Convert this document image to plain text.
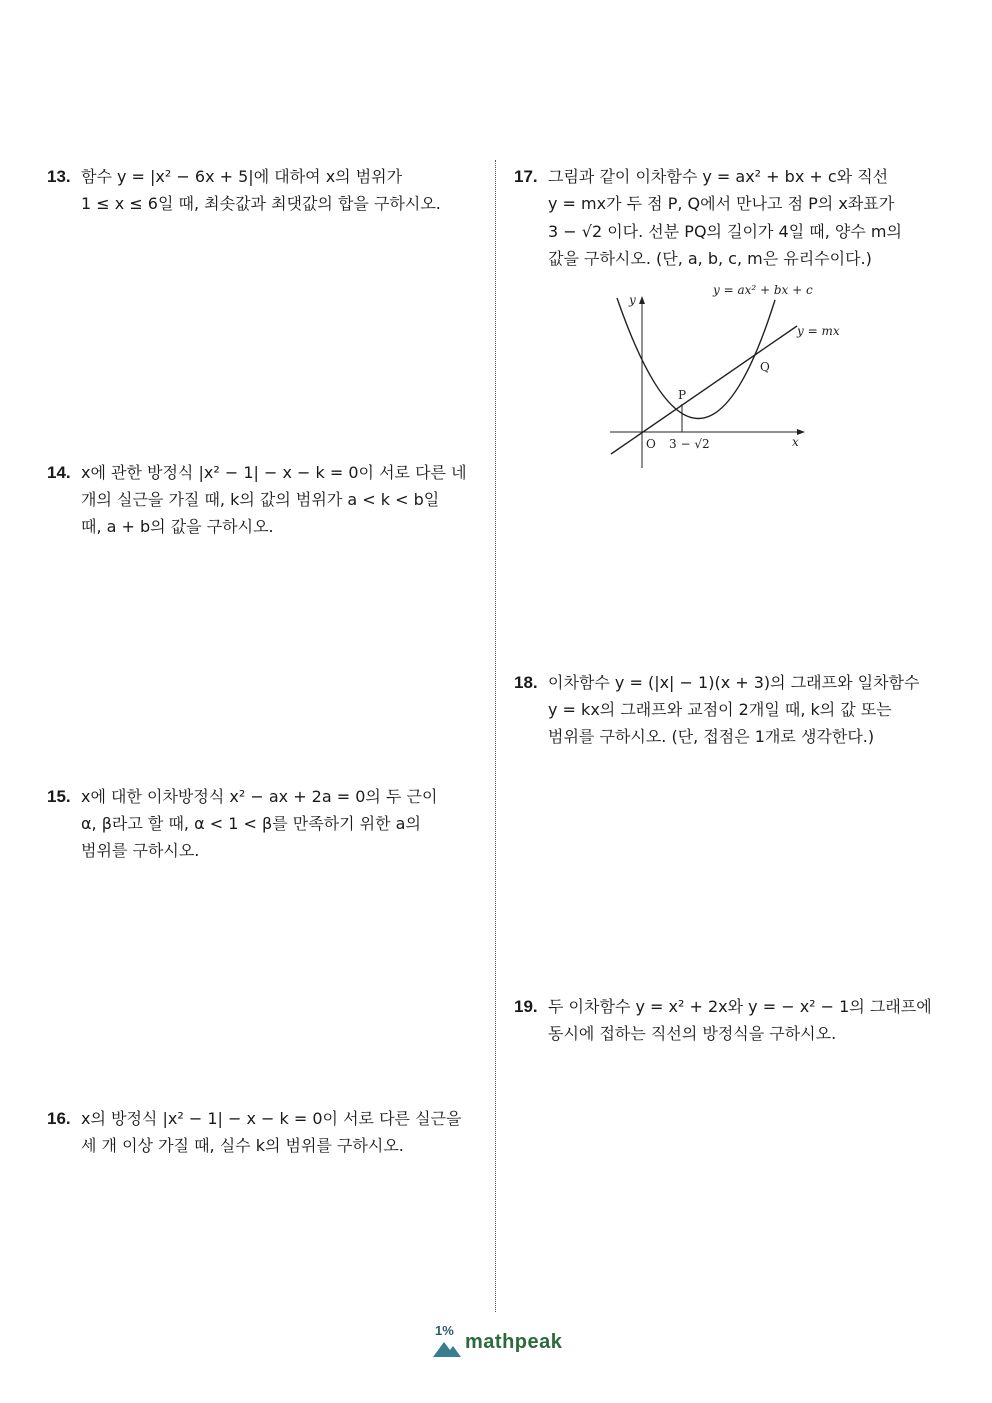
13. 함수 y = |x² − 6x + 5|에 대하여 x의 범위가
1 ≤ x ≤ 6일 때, 최솟값과 최댓값의 합을 구하시오.
14. x에 관한 방정식 |x² − 1| − x − k = 0이 서로 다른 네
개의 실근을 가질 때, k의 값의 범위가 a < k < b일
때, a + b의 값을 구하시오.
15. x에 대한 이차방정식 x² − ax + 2a = 0의 두 근이
α, β라고 할 때, α < 1 < β를 만족하기 위한 a의
범위를 구하시오.
16. x의 방정식 |x² − 1| − x − k = 0이 서로 다른 실근을
세 개 이상 가질 때, 실수 k의 범위를 구하시오.
17. 그림과 같이 이차함수 y = ax² + bx + c와 직선
y = mx가 두 점 P, Q에서 만나고 점 P의 x좌표가
3 − √2 이다. 선분 PQ의 길이가 4일 때, 양수 m의
값을 구하시오. (단, a, b, c, m은 유리수이다.)
y
x
O 3 − √2
P
Q
y = ax² + bx + c
y = mx
18. 이차함수 y = (|x| − 1)(x + 3)의 그래프와 일차함수
y = kx의 그래프와 교점이 2개일 때, k의 값 또는
범위를 구하시오. (단, 접점은 1개로 생각한다.)
19. 두 이차함수 y = x² + 2x와 y = − x² − 1의 그래프에
동시에 접하는 직선의 방정식을 구하시오.
1%
mathpeak
